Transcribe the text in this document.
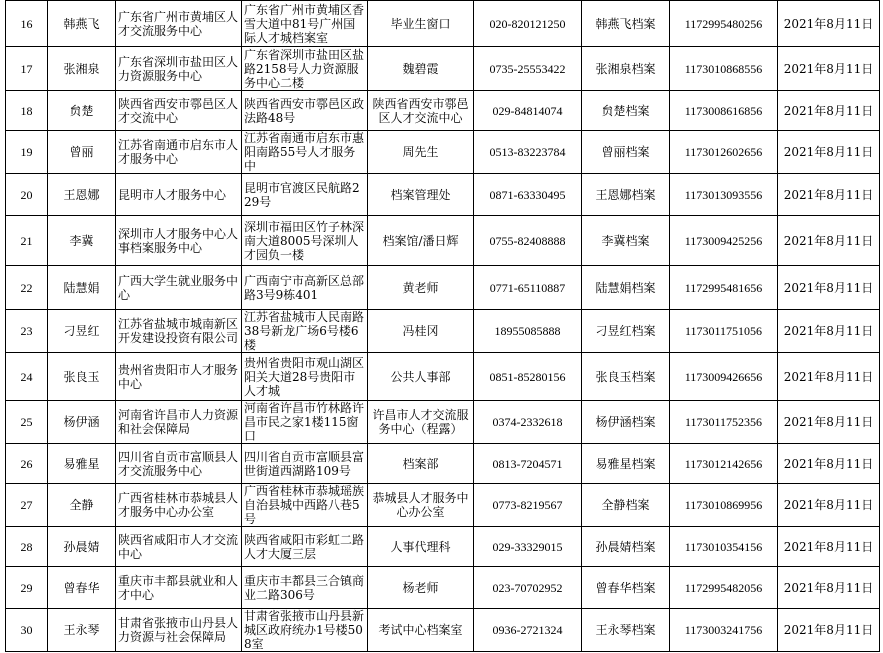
16	韩燕飞	广东省广州市黄埔区人才交流服务中心	广东省广州市黄埔区香雪大道中81号广州国际人才城档案室	毕业生窗口	020-820121250	韩燕飞档案	1172995480256	2021年8月11日
17	张湘泉	广东省深圳市盐田区人力资源服务中心	广东省深圳市盐田区盐路2158号人力资源服务中心二楼	魏碧霞	0735-25553422	张湘泉档案	1173010868556	2021年8月11日
18	贠楚	陕西省西安市鄠邑区人才交流中心	陕西省西安市鄠邑区政法路48号	陕西省西安市鄠邑区人才交流中心	029-84814074	贠楚档案	1173008616856	2021年8月11日
19	曾丽	江苏省南通市启东市人才服务中心	江苏省南通市启东市惠阳南路55号人才服务中	周先生	0513-83223784	曾丽档案	1173012602656	2021年8月11日
20	王恩娜	昆明市人才服务中心	昆明市官渡区民航路229号	档案管理处	0871-63330495	王恩娜档案	1173013093556	2021年8月11日
21	李冀	深圳市人才服务中心人事档案服务中心	深圳市福田区竹子林深南大道8005号深圳人才园负一楼	档案馆/潘日辉	0755-82408888	李冀档案	1173009425256	2021年8月11日
22	陆慧娟	广西大学生就业服务中心	广西南宁市高新区总部路3号9栋401	黄老师	0771-65110887	陆慧娟档案	1172995481656	2021年8月11日
23	刁昱红	江苏省盐城市城南新区开发建设投资有限公司	江苏省盐城市人民南路38号新龙广场6号楼6楼	冯桂冈	18955085888	刁昱红档案	1173011751056	2021年8月11日
24	张良玉	贵州省贵阳市人才服务中心	贵州省贵阳市观山湖区阳关大道28号贵阳市人才城	公共人事部	0851-85280156	张良玉档案	1173009426656	2021年8月11日
25	杨伊涵	河南省许昌市人力资源和社会保障局	河南省许昌市竹林路许昌市民之家1楼115窗口	许昌市人才交流服务中心（程露）	0374-2332618	杨伊涵档案	1173011752356	2021年8月11日
26	易雅星	四川省自贡市富顺县人才交流服务中心	四川省自贡市富顺县富世街道西湖路109号	档案部	0813-7204571	易雅星档案	1173012142656	2021年8月11日
27	全静	广西省桂林市恭城县人才服务中心办公室	广西省桂林市恭城瑶族自治县城中西路八巷5号	恭城县人才服务中心办公室	0773-8219567	全静档案	1173010869956	2021年8月11日
28	孙晨婧	陕西省咸阳市人才交流中心	陕西省咸阳市彩虹二路人才大厦三层	人事代理科	029-33329015	孙晨婧档案	1173010354156	2021年8月11日
29	曾春华	重庆市丰都县就业和人才中心	重庆市丰都县三合镇商业二路306号	杨老师	023-70702952	曾春华档案	1172995482056	2021年8月11日
30	王永琴	甘肃省张掖市山丹县人力资源与社会保障局	甘肃省张掖市山丹县新城区政府统办1号楼508室	考试中心档案室	0936-2721324	王永琴档案	1173003241756	2021年8月11日
